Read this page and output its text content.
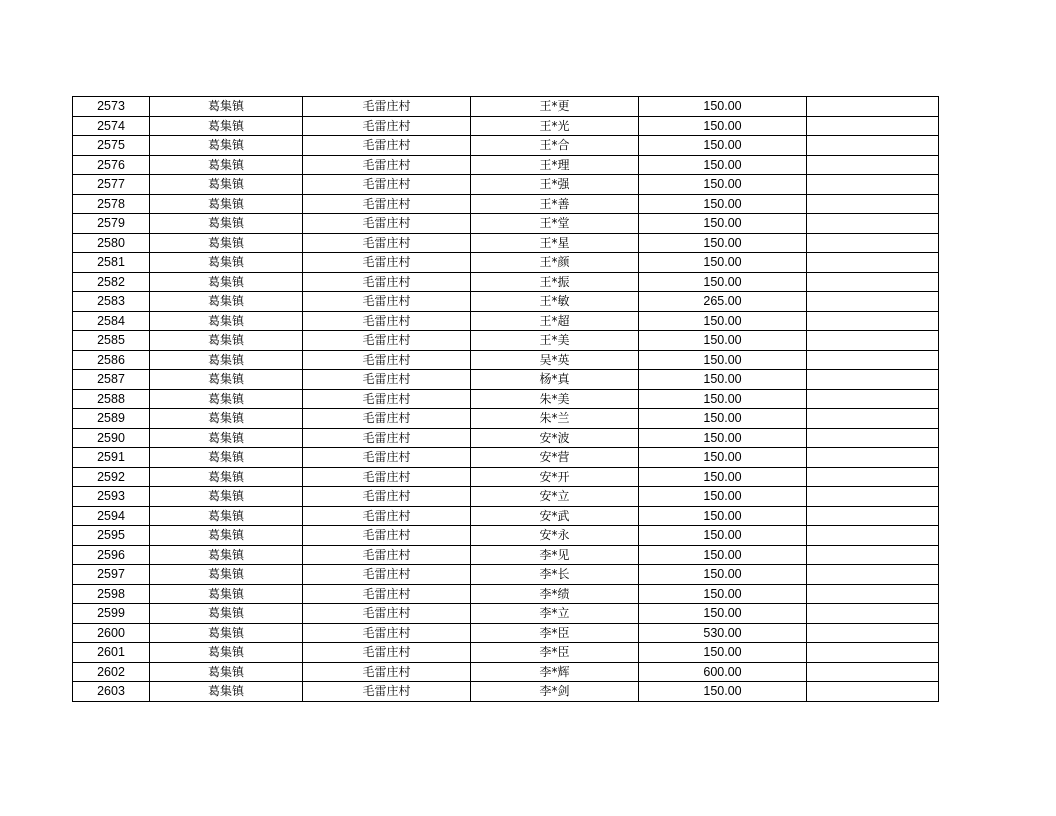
2573	葛集镇	毛雷庄村	王*更	150.00	
2574	葛集镇	毛雷庄村	王*光	150.00	
2575	葛集镇	毛雷庄村	王*合	150.00	
2576	葛集镇	毛雷庄村	王*理	150.00	
2577	葛集镇	毛雷庄村	王*强	150.00	
2578	葛集镇	毛雷庄村	王*善	150.00	
2579	葛集镇	毛雷庄村	王*堂	150.00	
2580	葛集镇	毛雷庄村	王*星	150.00	
2581	葛集镇	毛雷庄村	王*颜	150.00	
2582	葛集镇	毛雷庄村	王*振	150.00	
2583	葛集镇	毛雷庄村	王*敏	265.00	
2584	葛集镇	毛雷庄村	王*超	150.00	
2585	葛集镇	毛雷庄村	王*美	150.00	
2586	葛集镇	毛雷庄村	吴*英	150.00	
2587	葛集镇	毛雷庄村	杨*真	150.00	
2588	葛集镇	毛雷庄村	朱*美	150.00	
2589	葛集镇	毛雷庄村	朱*兰	150.00	
2590	葛集镇	毛雷庄村	安*波	150.00	
2591	葛集镇	毛雷庄村	安*营	150.00	
2592	葛集镇	毛雷庄村	安*开	150.00	
2593	葛集镇	毛雷庄村	安*立	150.00	
2594	葛集镇	毛雷庄村	安*武	150.00	
2595	葛集镇	毛雷庄村	安*永	150.00	
2596	葛集镇	毛雷庄村	李*见	150.00	
2597	葛集镇	毛雷庄村	李*长	150.00	
2598	葛集镇	毛雷庄村	李*绩	150.00	
2599	葛集镇	毛雷庄村	李*立	150.00	
2600	葛集镇	毛雷庄村	李*臣	530.00	
2601	葛集镇	毛雷庄村	李*臣	150.00	
2602	葛集镇	毛雷庄村	李*辉	600.00	
2603	葛集镇	毛雷庄村	李*剑	150.00	
